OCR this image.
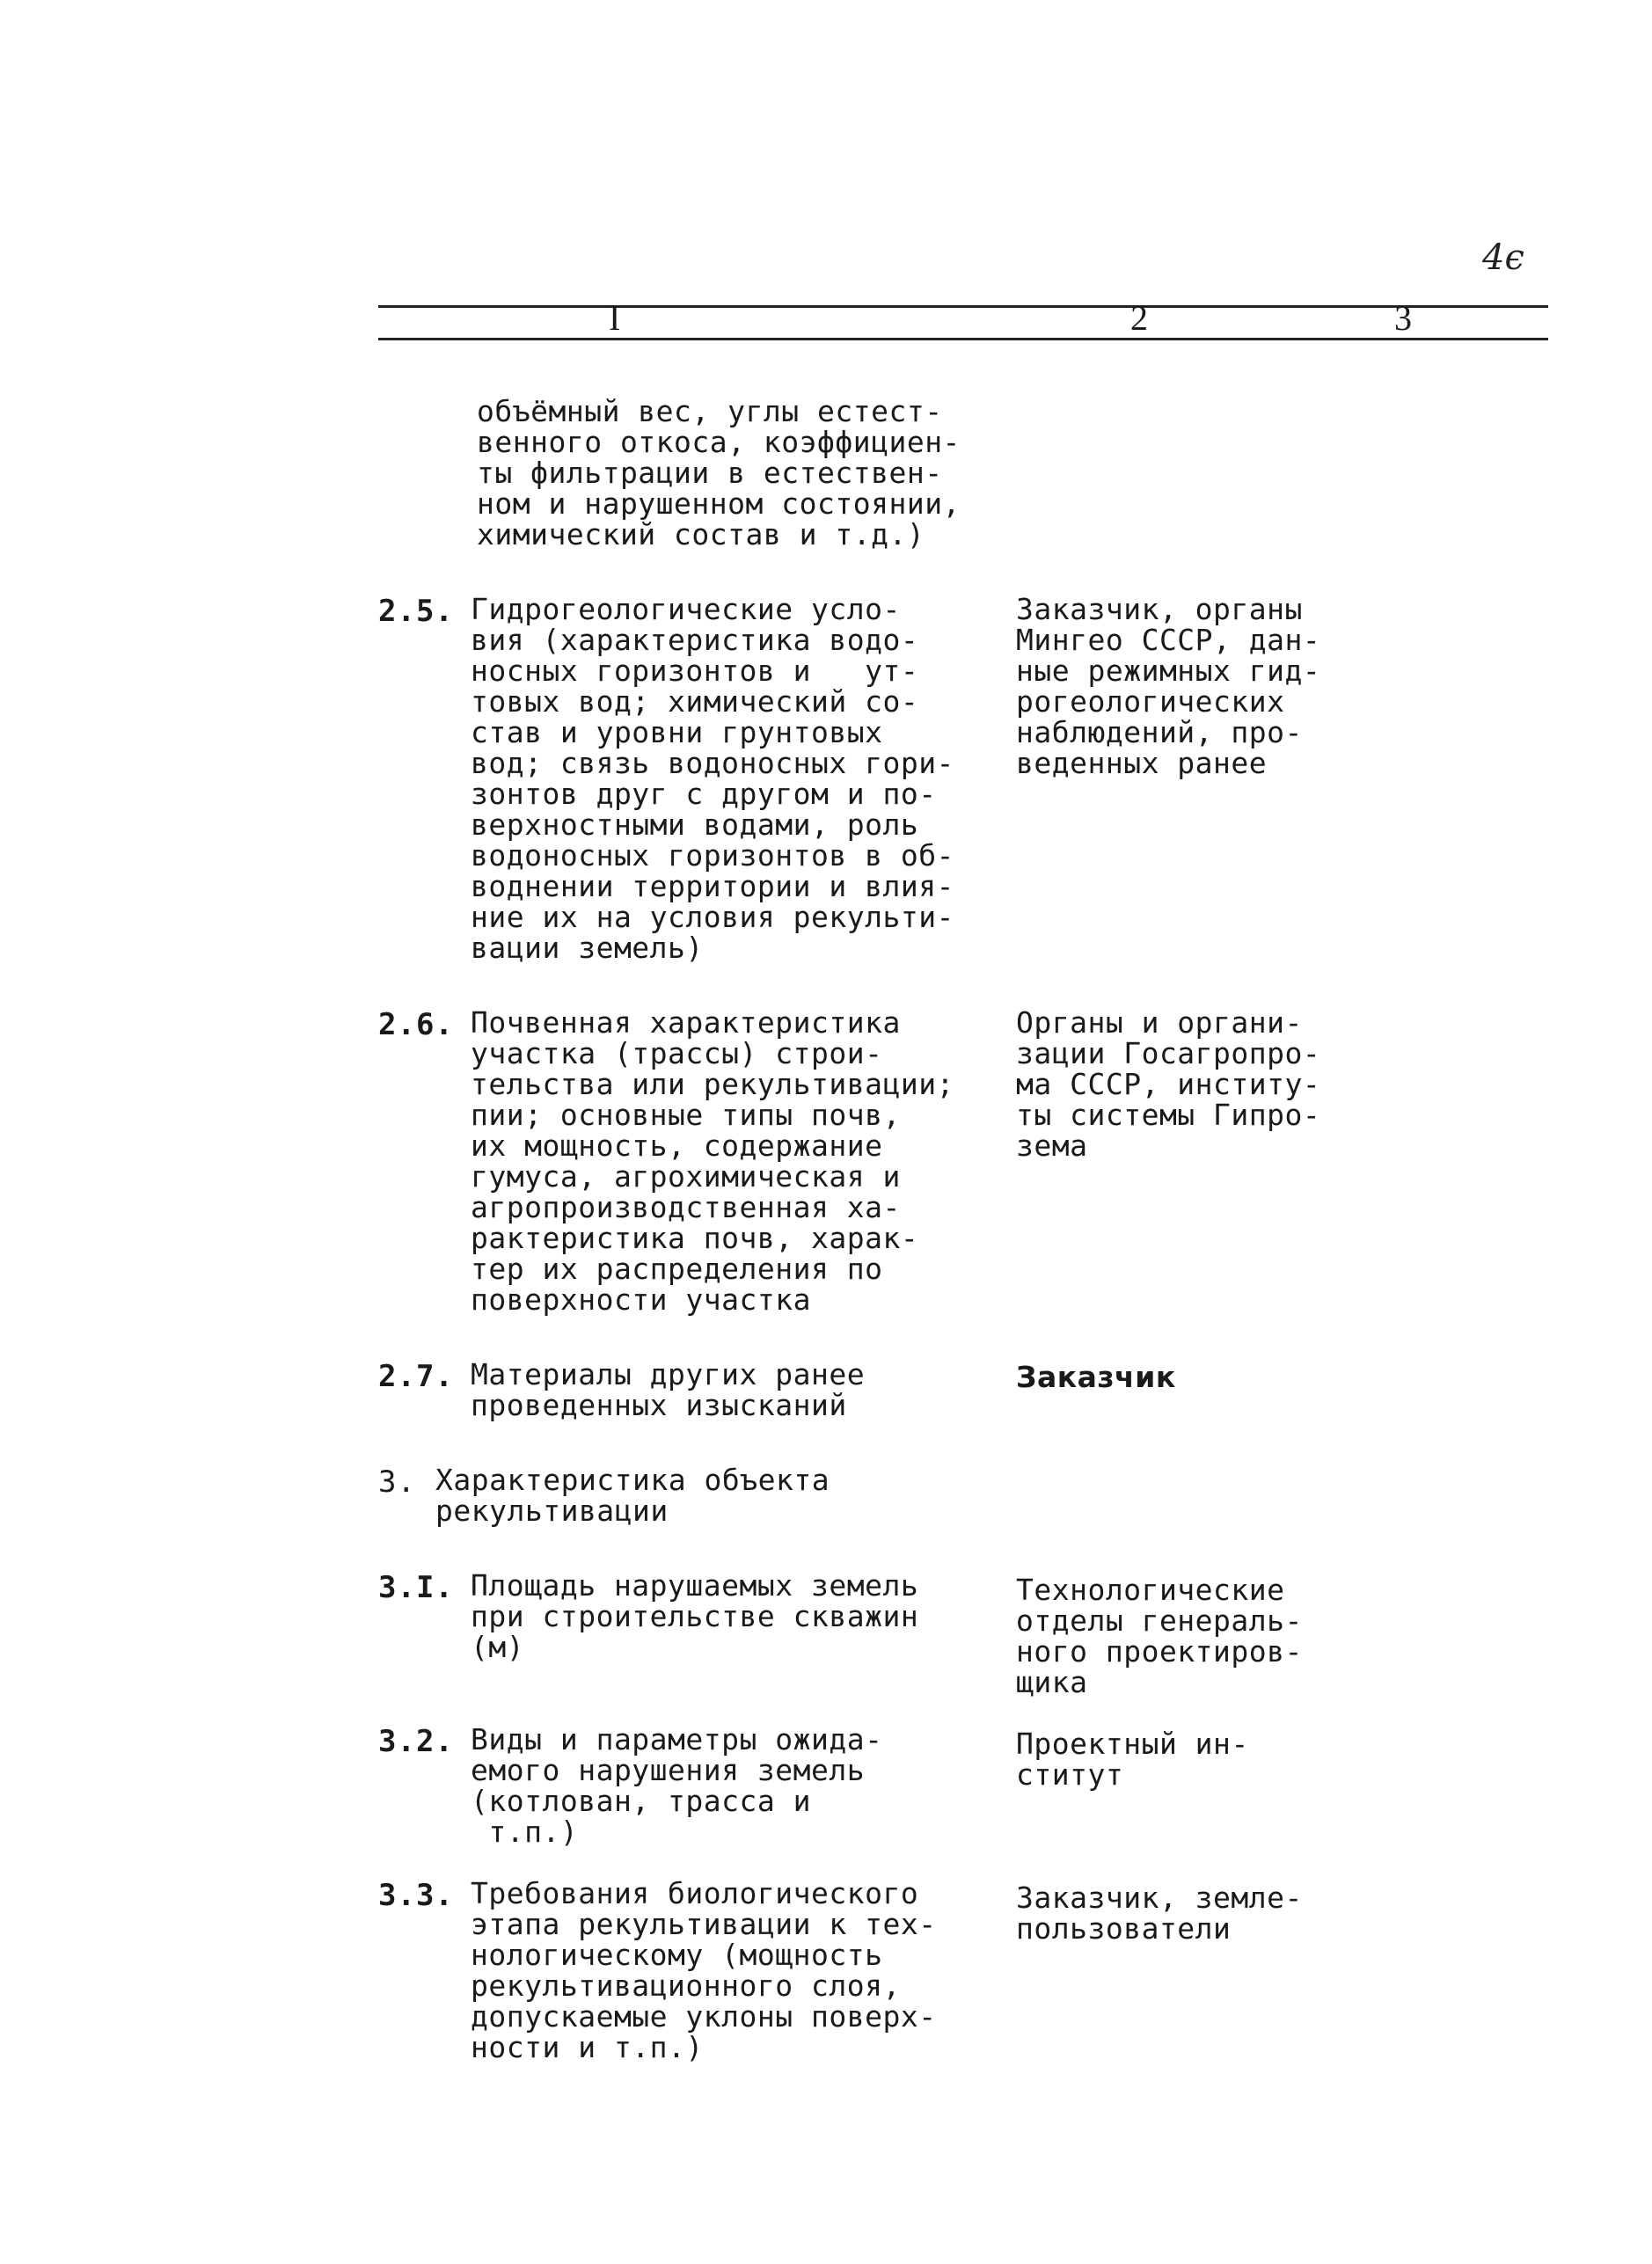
4є
I	2	3
объёмный вес, углы естест-
венного откоса, коэффициен-
ты фильтрации в естествен-
ном и нарушенном состоянии,
химический состав и т.д.)
2.5. Гидрогеологические усло-
вия (характеристика водо-
носных горизонтов и   ут-
товых вод; химический со-
став и уровни грунтовых
вод; связь водоносных гори-
зонтов друг с другом и по-
верхностными водами, роль
водоносных горизонтов в об-
воднении территории и влия-
ние их на условия рекульти-
вации земель)
Заказчик, органы
Мингео СССР, дан-
ные режимных гид-
рогеологических
наблюдений, про-
веденных ранее
2.6. Почвенная характеристика
участка (трассы) строи-
тельства или рекультивации;
пии; основные типы почв,
их мощность, содержание
гумуса, агрохимическая и
агропроизводственная ха-
рактеристика почв, харак-
тер их распределения по
поверхности участка
Органы и органи-
зации Госагропро-
ма СССР, институ-
ты системы Гипро-
зема
2.7. Материалы других ранее
проведенных изысканий
Заказчик
3. Характеристика объекта
рекультивации
3.I. Площадь нарушаемых земель
при строительстве скважин
(м)
Технологические
отделы генераль-
ного проектиров-
щика
3.2. Виды и параметры ожида-
емого нарушения земель
(котлован, трасса и
т.п.)
Проектный ин-
ститут
3.3. Требования биологического
этапа рекультивации к тех-
нологическому (мощность
рекультивационного слоя,
допускаемые уклоны поверх-
ности и т.п.)
Заказчик, земле-
пользователи
